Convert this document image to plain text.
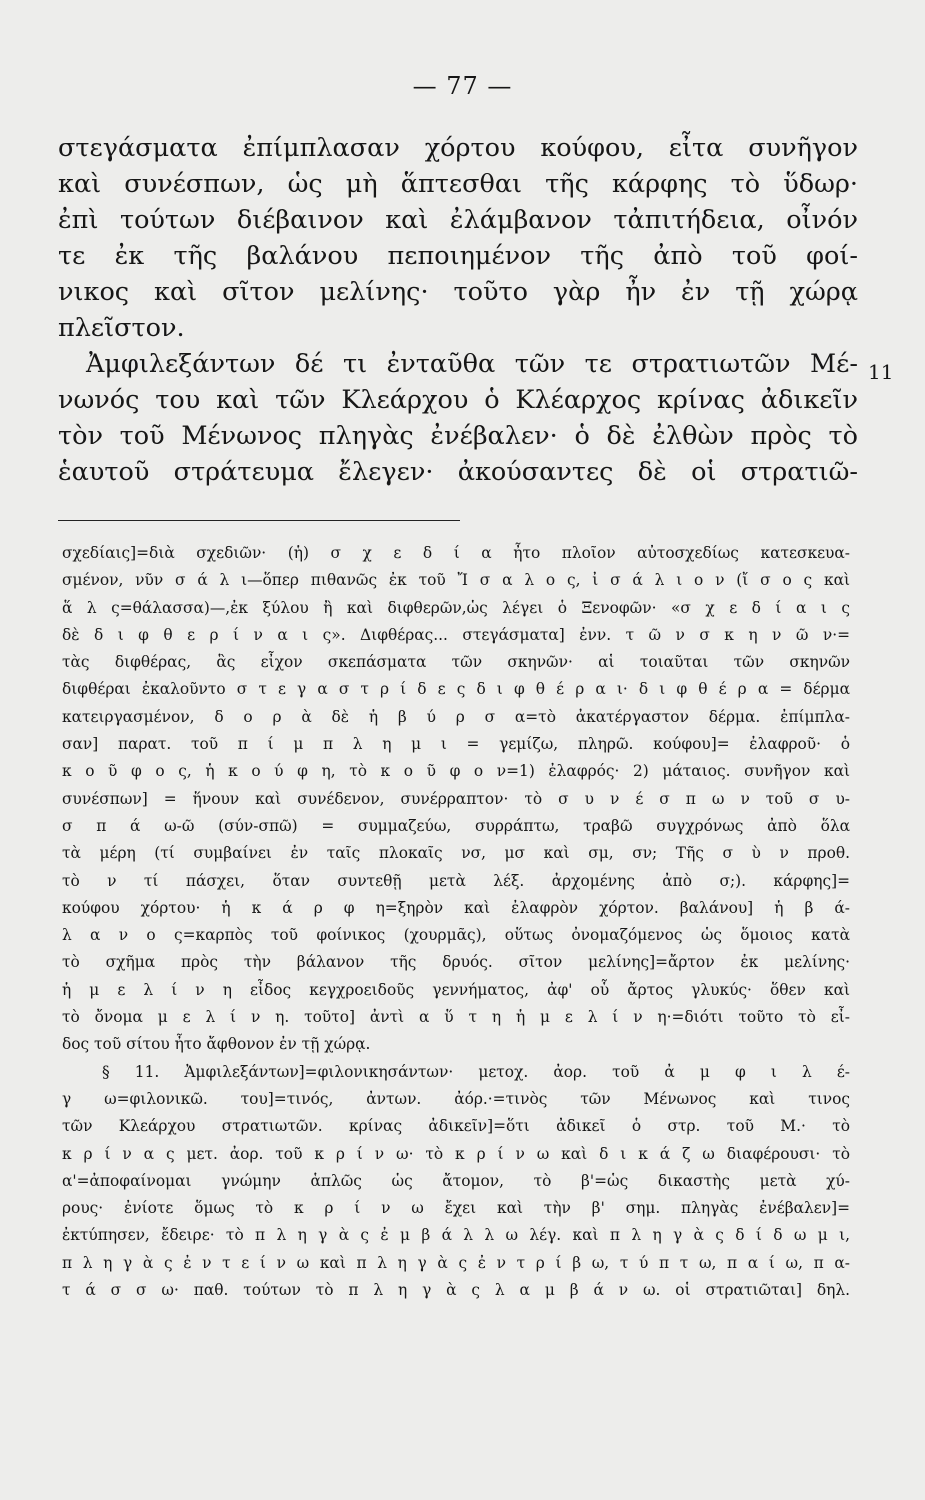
— 77 —
στεγάσματα ἐπίμπλασαν χόρτου κούφου, εἶτα συνῆγον
καὶ συνέσπων, ὡς μὴ ἅπτεσθαι τῆς κάρφης τὸ ὕδωρ·
ἐπὶ τούτων διέβαινον καὶ ἐλάμβανον τἀπιτήδεια, οἶνόν
τε ἐκ τῆς βαλάνου πεποιημένον τῆς ἀπὸ τοῦ φοί-
νικος καὶ σῖτον μελίνης· τοῦτο γὰρ ἦν ἐν τῇ χώρᾳ
πλεῖστον.
Ἀμφιλεξάντων δέ τι ἐνταῦθα τῶν τε στρατιωτῶν Μέ-
νωνός του καὶ τῶν Κλεάρχου ὁ Κλέαρχος κρίνας ἀδικεῖν
τὸν τοῦ Μένωνος πληγὰς ἐνέβαλεν· ὁ δὲ ἐλθὼν πρὸς τὸ
ἑαυτοῦ στράτευμα ἔλεγεν· ἀκούσαντες δὲ οἱ στρατιῶ-
11
σχεδίαις]=διὰ σχεδιῶν· (ἡ) σ χ ε δ ί α ἦτο πλοῖον αὐτοσχεδίως κατεσκευα-
σμένον, νῦν σ ά λ ι—ὅπερ πιθανῶς ἐκ τοῦ Ἴ σ α λ ο ς, ἰ σ ά λ ι ο ν (ἴ σ ο ς καὶ
ἅ λ ς=θάλασσα)—,ἐκ ξύλου ἢ καὶ διφθερῶν,ὡς λέγει ὁ Ξενοφῶν· «σ χ ε δ ί α ι ς
δὲ δ ι φ θ ε ρ ί ν α ι ς». Διφθέρας... στεγάσματα] ἐνν. τ ῶ ν σ κ η ν ῶ ν·=
τὰς διφθέρας, ἃς εἶχον σκεπάσματα τῶν σκηνῶν· αἱ τοιαῦται τῶν σκηνῶν
διφθέραι ἐκαλοῦντο σ τ ε γ α σ τ ρ ί δ ε ς δ ι φ θ έ ρ α ι· δ ι φ θ έ ρ α = δέρμα
κατειργασμένον, δ ο ρ ὰ δὲ ἡ β ύ ρ σ α=τὸ ἀκατέργαστον δέρμα. ἐπίμπλα-
σαν] παρατ. τοῦ π ί μ π λ η μ ι = γεμίζω, πληρῶ. κούφου]= ἐλαφροῦ· ὁ
κ ο ῦ φ ο ς, ἡ κ ο ύ φ η, τὸ κ ο ῦ φ ο ν=1) ἐλαφρός· 2) μάταιος. συνῆγον καὶ
συνέσπων] = ἥνουν καὶ συνέδενον, συνέρραπτον· τὸ σ υ ν έ σ π ω ν τοῦ σ υ-
σ π ά ω-ῶ (σύν-σπῶ) = συμμαζεύω, συρράπτω, τραβῶ συγχρόνως ἀπὸ ὅλα
τὰ μέρη (τί συμβαίνει ἐν ταῖς πλοκαῖς νσ, μσ καὶ σμ, σν; Τῆς σ ὺ ν προθ.
τὸ ν τί πάσχει, ὅταν συντεθῇ μετὰ λέξ. ἀρχομένης ἀπὸ σ;). κάρφης]=
κούφου χόρτου· ἡ κ ά ρ φ η=ξηρὸν καὶ ἐλαφρὸν χόρτον. βαλάνου] ἡ β ά-
λ α ν ο ς=καρπὸς τοῦ φοίνικος (χουρμᾶς), οὕτως ὀνομαζόμενος ὡς ὅμοιος κατὰ
τὸ σχῆμα πρὸς τὴν βάλανον τῆς δρυός. σῖτον μελίνης]=ἄρτον ἐκ μελίνης·
ἡ μ ε λ ί ν η εἶδος κεγχροειδοῦς γεννήματος, ἀφ' οὗ ἄρτος γλυκύς· ὅθεν καὶ
τὸ ὄνομα μ ε λ ί ν η. τοῦτο] ἀντὶ α ὕ τ η ἡ μ ε λ ί ν η·=διότι τοῦτο τὸ εἶ-
δος τοῦ σίτου ἦτο ἄφθονον ἐν τῇ χώρᾳ.
§ 11. Ἀμφιλεξάντων]=φιλονικησάντων· μετοχ. ἀορ. τοῦ ἀ μ φ ι λ έ-
γ ω=φιλονικῶ. του]=τινός, ἀντων. ἀόρ.·=τινὸς τῶν Μένωνος καὶ τινος
τῶν Κλεάρχου στρατιωτῶν. κρίνας ἀδικεῖν]=ὅτι ἀδικεῖ ὁ στρ. τοῦ Μ.· τὸ
κ ρ ί ν α ς μετ. ἀορ. τοῦ κ ρ ί ν ω· τὸ κ ρ ί ν ω καὶ δ ι κ ά ζ ω διαφέρουσι· τὸ
α'=ἀποφαίνομαι γνώμην ἁπλῶς ὡς ἄτομον, τὸ β'=ὡς δικαστὴς μετὰ χύ-
ρους· ἐνίοτε ὅμως τὸ κ ρ ί ν ω ἔχει καὶ τὴν β' σημ. πληγὰς ἐνέβαλεν]=
ἐκτύπησεν, ἔδειρε· τὸ π λ η γ ὰ ς ἐ μ β ά λ λ ω λέγ. καὶ π λ η γ ὰ ς δ ί δ ω μ ι,
π λ η γ ὰ ς ἐ ν τ ε ί ν ω καὶ π λ η γ ὰ ς ἐ ν τ ρ ί β ω, τ ύ π τ ω, π α ί ω, π α-
τ ά σ σ ω· παθ. τούτων τὸ π λ η γ ὰ ς λ α μ β ά ν ω. οἱ στρατιῶται] δηλ.
